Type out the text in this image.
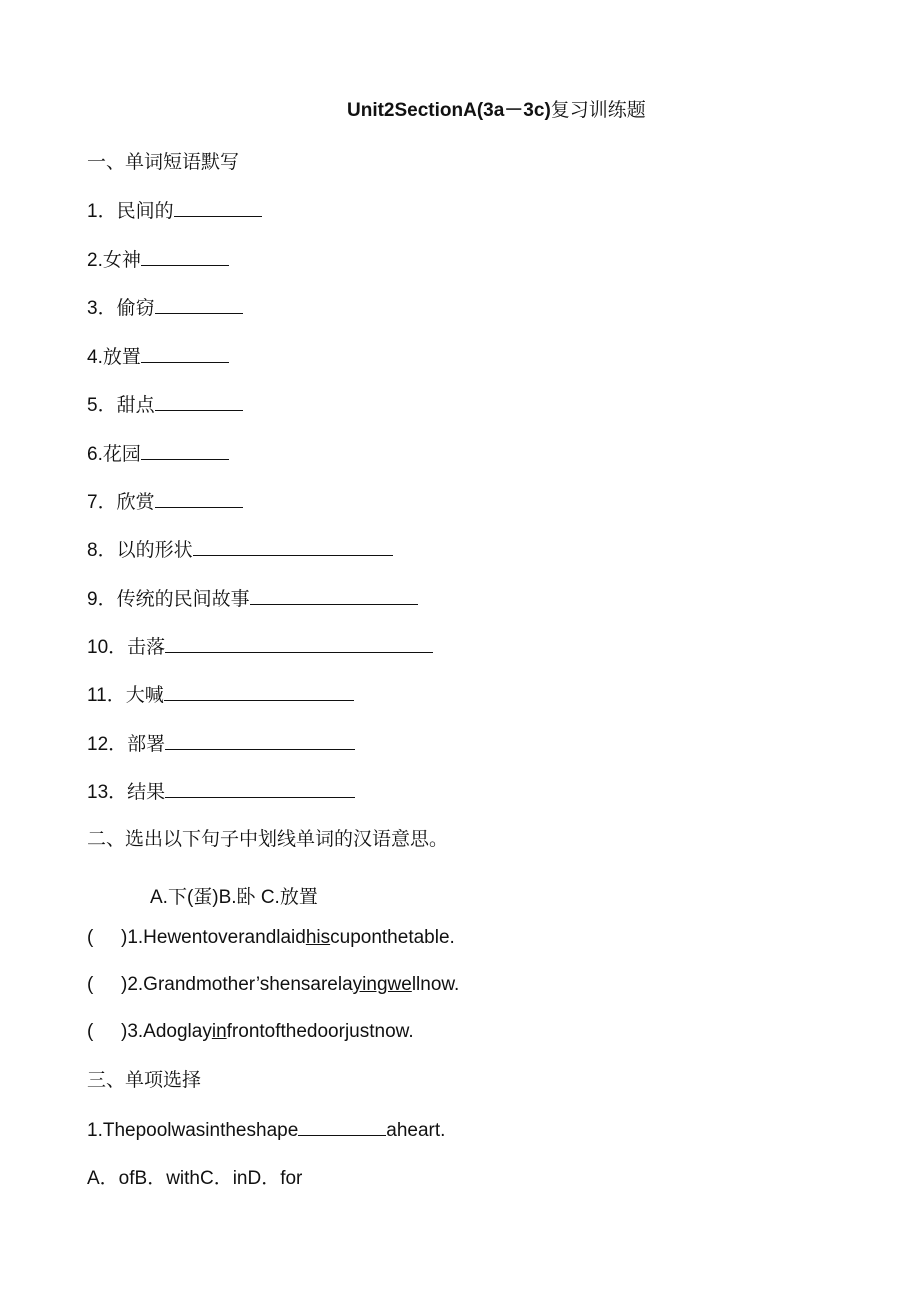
Unit2SectionA(3a－3c)复习训练题
一、单词短语默写
1．民间的
2.女神
3．偷窃
4.放置
5．甜点
6.花园
7．欣赏
8．以的形状
9．传统的民间故事
10．击落
11．大喊
12．部署
13．结果
二、选出以下句子中划线单词的汉语意思。
A.下(蛋)B.卧 C.放置
( )1.Hewentoverandlaidhiscuponthetable.
( )2.Grandmother’shensarelayingwellnow.
( )3.Adoglayinfrontofthedoorjustnow.
三、单项选择
1.Thepoolwasintheshape	aheart.
A．ofB．withC．inD．for
